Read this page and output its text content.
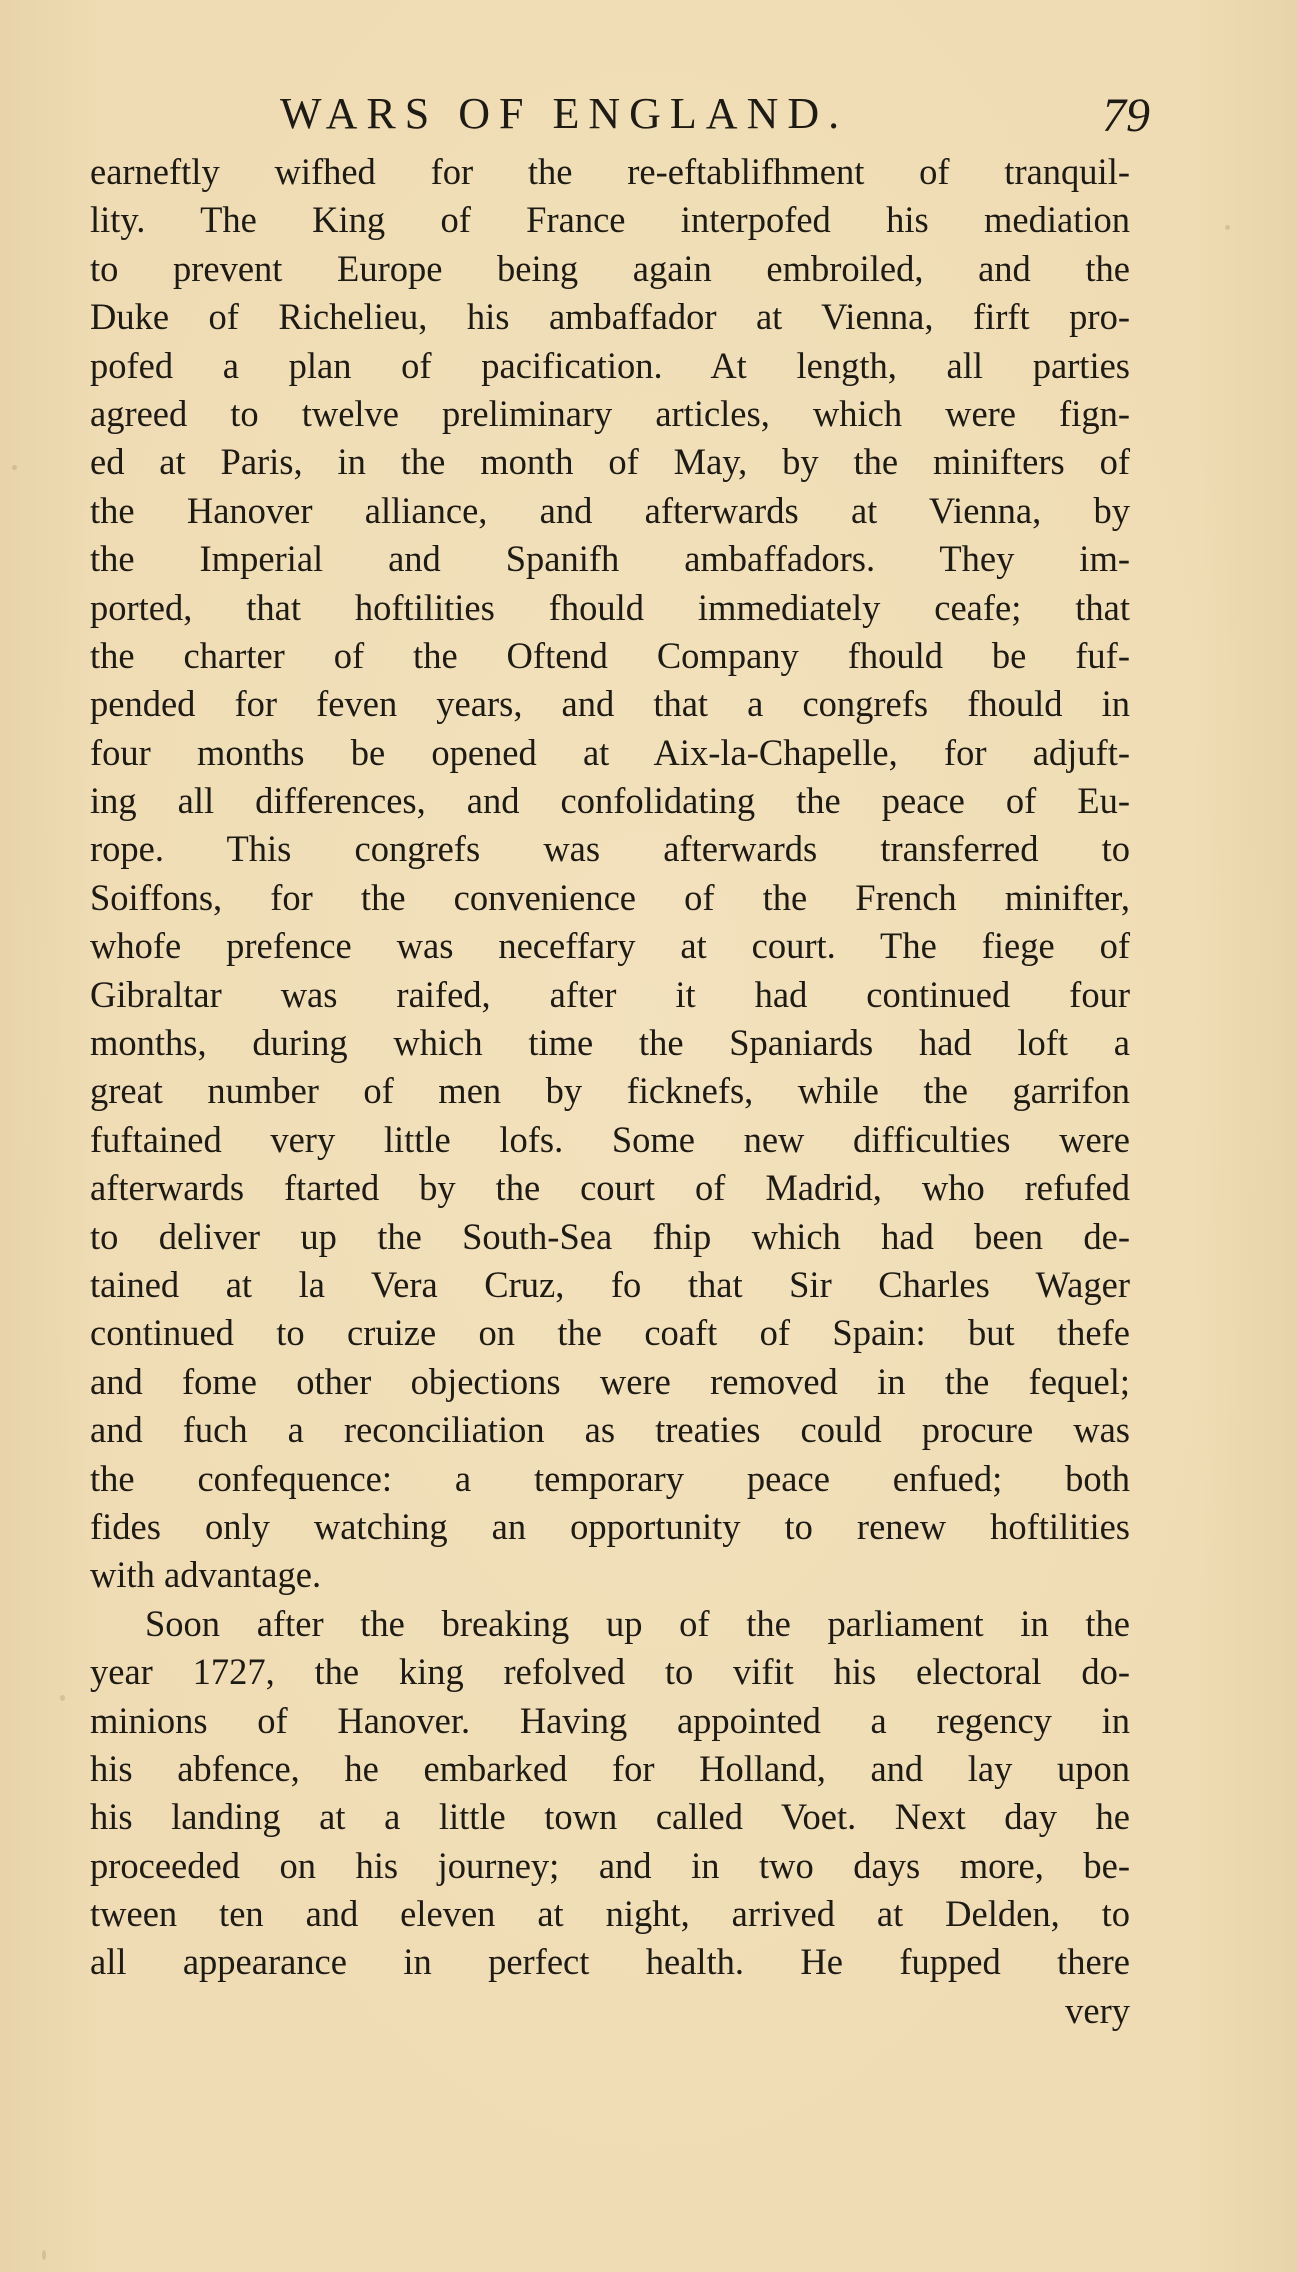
WARS OF ENGLAND.	79
earneftly wifhed for the re-eftablifhment of tranquil-
lity. The King of France interpofed his mediation
to prevent Europe being again embroiled, and the
Duke of Richelieu, his ambaffador at Vienna, firft pro-
pofed a plan of pacification. At length, all parties
agreed to twelve preliminary articles, which were fign-
ed at Paris, in the month of May, by the minifters of
the Hanover alliance, and afterwards at Vienna, by
the Imperial and Spanifh ambaffadors. They im-
ported, that hoftilities fhould immediately ceafe; that
the charter of the Oftend Company fhould be fuf-
pended for feven years, and that a congrefs fhould in
four months be opened at Aix-la-Chapelle, for adjuft-
ing all differences, and confolidating the peace of Eu-
rope. This congrefs was afterwards transferred to
Soiffons, for the convenience of the French minifter,
whofe prefence was neceffary at court. The fiege of
Gibraltar was raifed, after it had continued four
months, during which time the Spaniards had loft a
great number of men by ficknefs, while the garrifon
fuftained very little lofs. Some new difficulties were
afterwards ftarted by the court of Madrid, who refufed
to deliver up the South-Sea fhip which had been de-
tained at la Vera Cruz, fo that Sir Charles Wager
continued to cruize on the coaft of Spain: but thefe
and fome other objections were removed in the fequel;
and fuch a reconciliation as treaties could procure was
the confequence: a temporary peace enfued; both
fides only watching an opportunity to renew hoftilities
with advantage.
Soon after the breaking up of the parliament in the
year 1727, the king refolved to vifit his electoral do-
minions of Hanover. Having appointed a regency in
his abfence, he embarked for Holland, and lay upon
his landing at a little town called Voet. Next day he
proceeded on his journey; and in two days more, be-
tween ten and eleven at night, arrived at Delden, to
all appearance in perfect health. He fupped there
very
